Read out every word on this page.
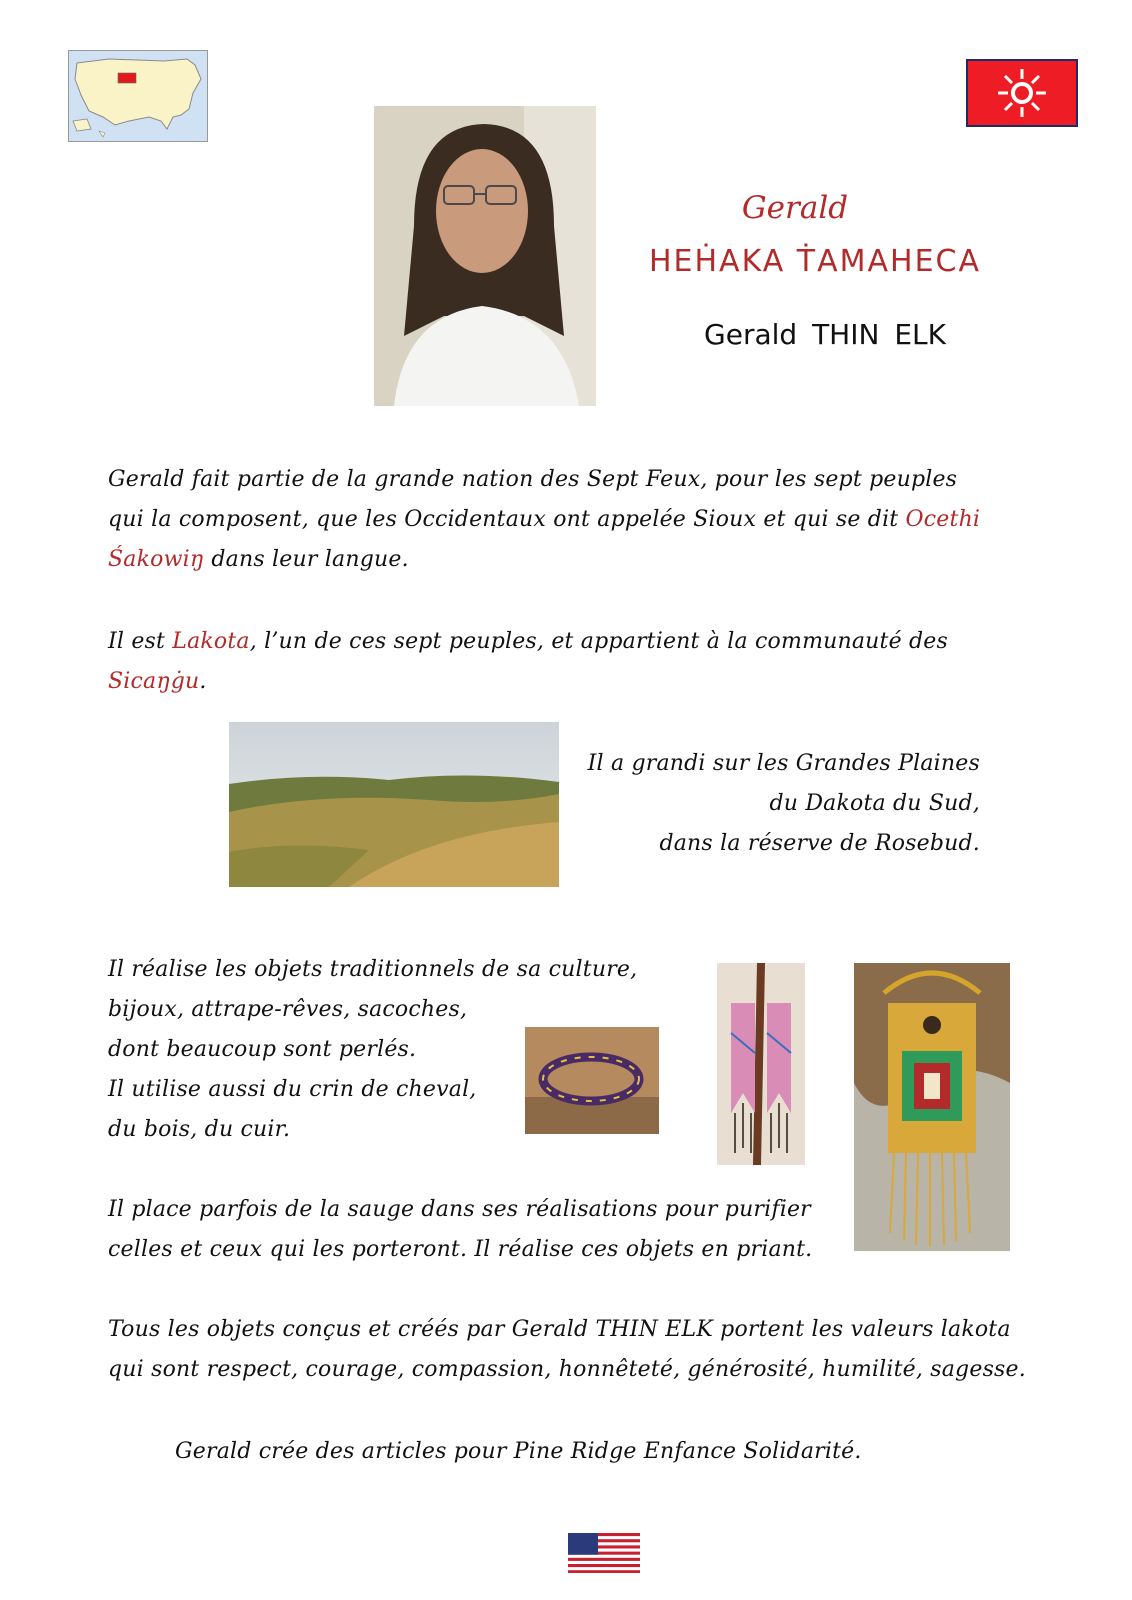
Gerald
HEḢAKA ṪAMAHECA
Gerald THIN ELK
Gerald fait partie de la grande nation des Sept Feux, pour les sept peuples
qui la composent, que les Occidentaux ont appelée Sioux et qui se dit Ocethi
Śakowiŋ dans leur langue.
Il est Lakota, l’un de ces sept peuples, et appartient à la communauté des
Sicaŋġu.
Il a grandi sur les Grandes Plaines
du Dakota du Sud,
dans la réserve de Rosebud.
Il réalise les objets traditionnels de sa culture,
bijoux, attrape-rêves, sacoches,
dont beaucoup sont perlés.
Il utilise aussi du crin de cheval,
du bois, du cuir.
Il place parfois de la sauge dans ses réalisations pour purifier
celles et ceux qui les porteront. Il réalise ces objets en priant.
Tous les objets conçus et créés par Gerald THIN ELK portent les valeurs lakota
qui sont respect, courage, compassion, honnêteté, générosité, humilité, sagesse.
Gerald crée des articles pour Pine Ridge Enfance Solidarité.
